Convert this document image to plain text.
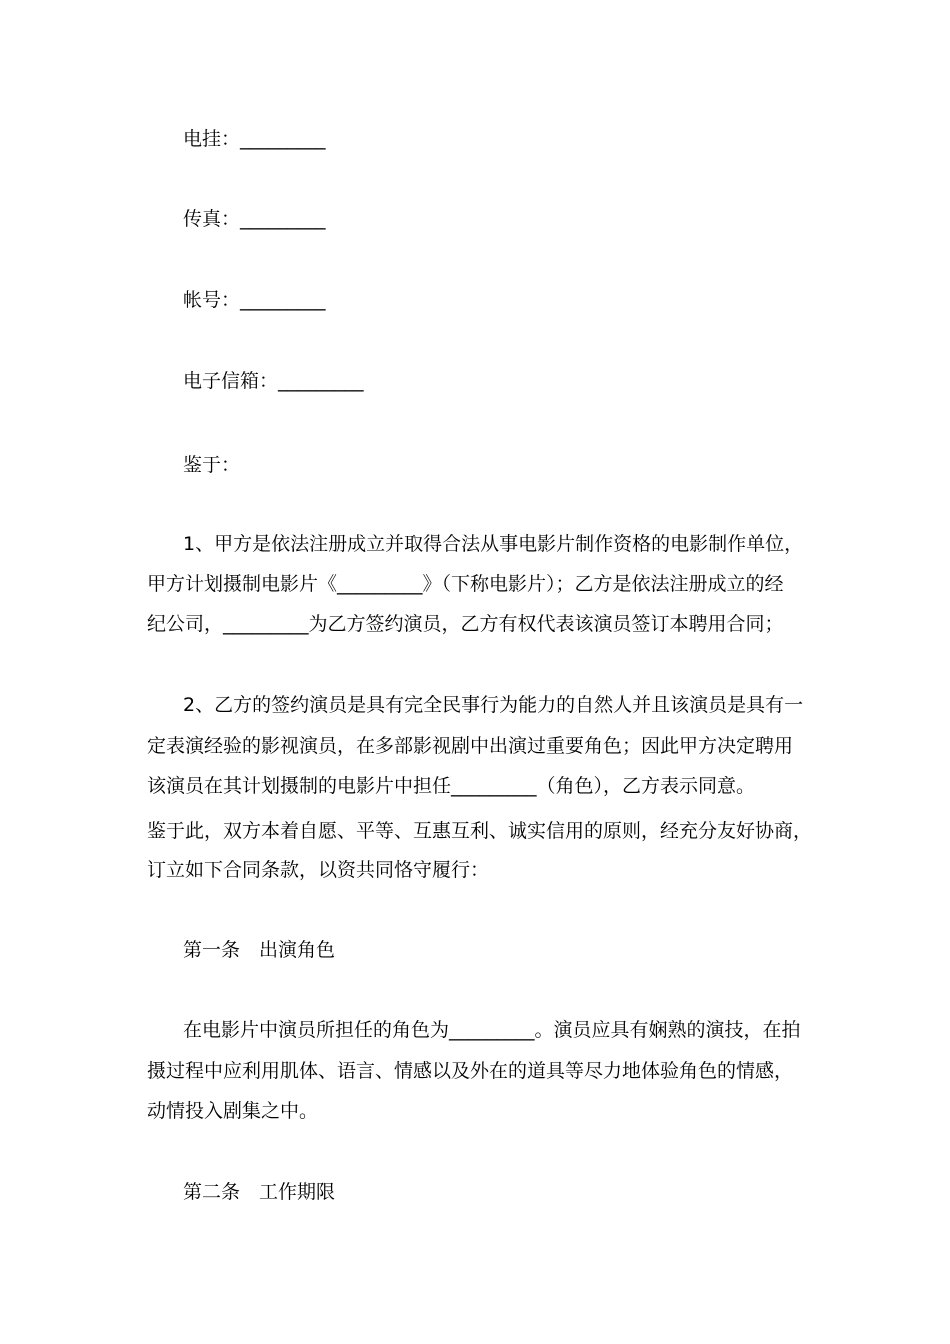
电挂：_________
传真：_________
帐号：_________
电子信箱：_________
鉴于：
1、甲方是依法注册成立并取得合法从事电影片制作资格的电影制作单位，
甲方计划摄制电影片《_________》（下称电影片）；乙方是依法注册成立的经
纪公司，_________为乙方签约演员，乙方有权代表该演员签订本聘用合同；
2、乙方的签约演员是具有完全民事行为能力的自然人并且该演员是具有一
定表演经验的影视演员，在多部影视剧中出演过重要角色；因此甲方决定聘用
该演员在其计划摄制的电影片中担任_________（角色），乙方表示同意。
鉴于此，双方本着自愿、平等、互惠互利、诚实信用的原则，经充分友好协商，
订立如下合同条款，以资共同恪守履行：
第一条　出演角色
在电影片中演员所担任的角色为_________。演员应具有娴熟的演技，在拍
摄过程中应利用肌体、语言、情感以及外在的道具等尽力地体验角色的情感，
动情投入剧集之中。
第二条　工作期限
